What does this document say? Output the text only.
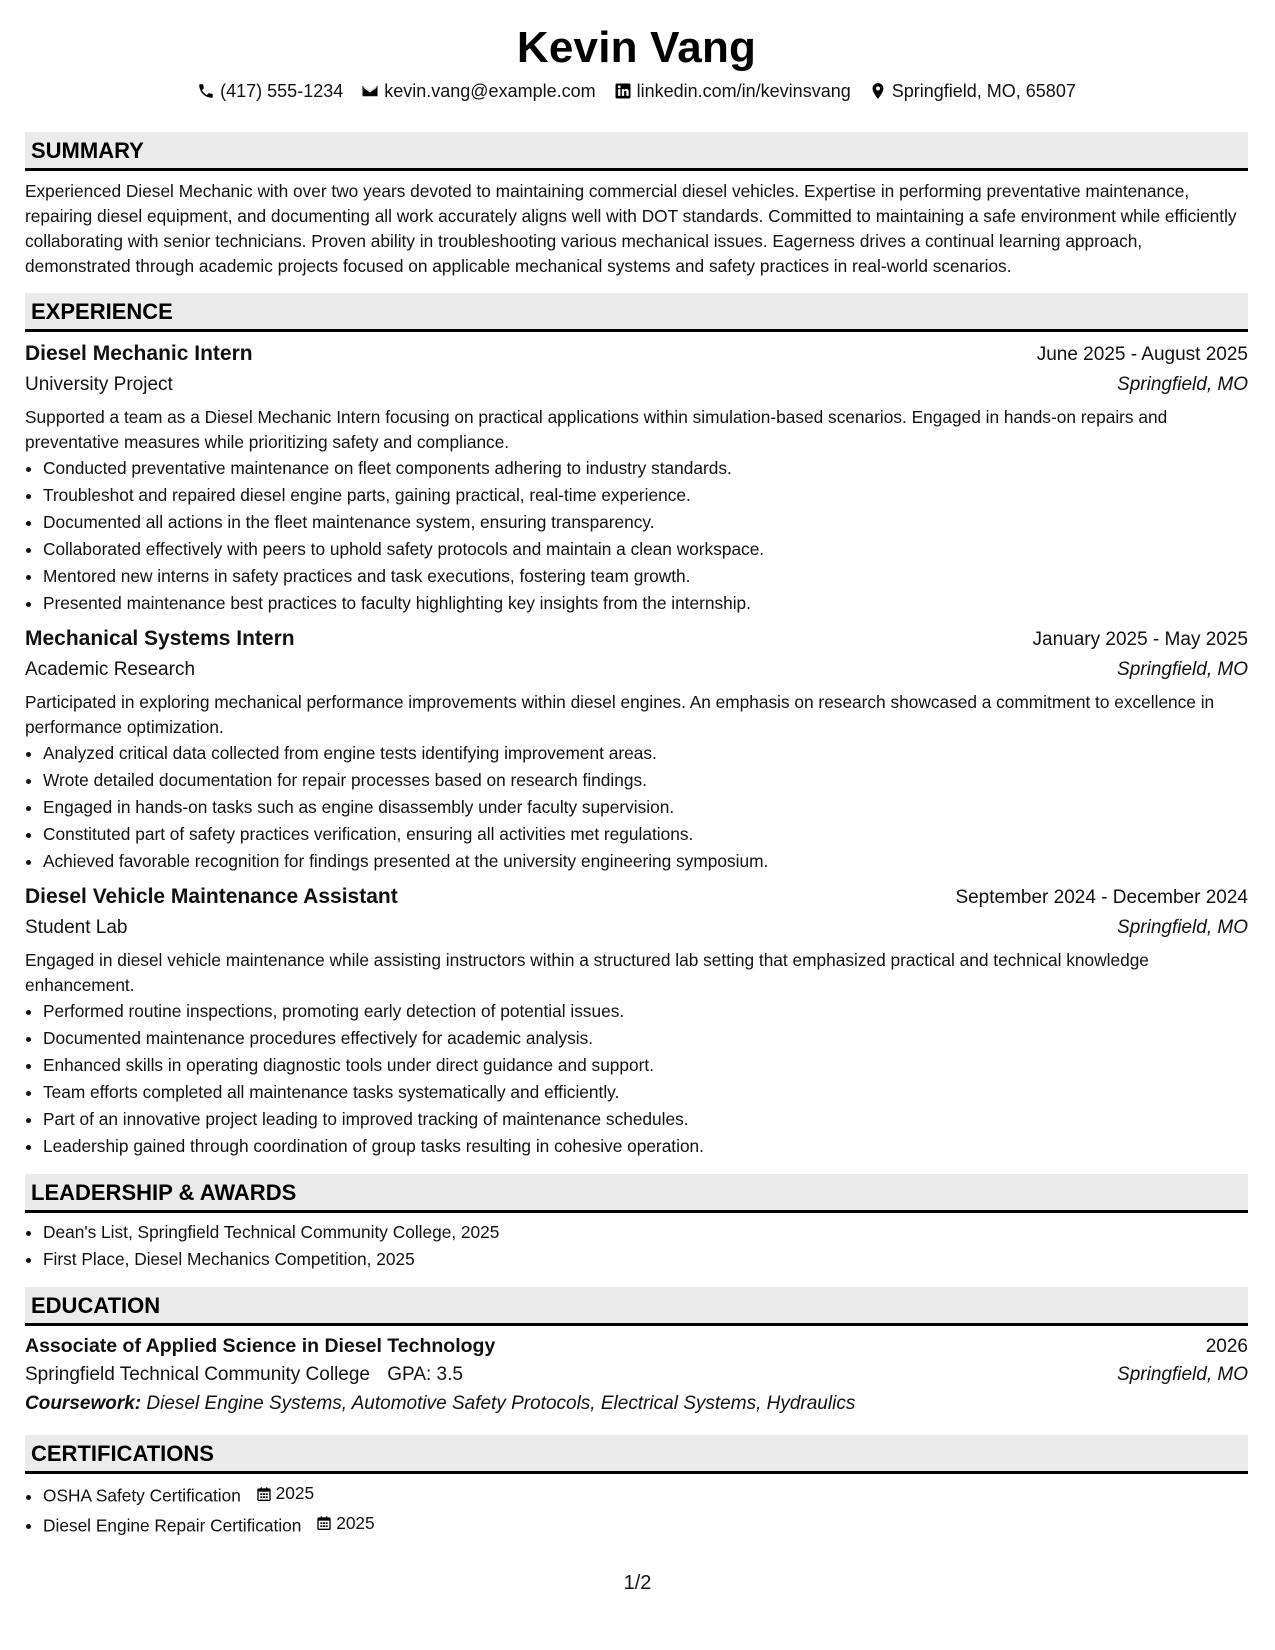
Kevin Vang
(417) 555-1234 kevin.vang@example.com linkedin.com/in/kevinsvang Springfield, MO, 65807
SUMMARY
Experienced Diesel Mechanic with over two years devoted to maintaining commercial diesel vehicles. Expertise in performing preventative maintenance, repairing diesel equipment, and documenting all work accurately aligns well with DOT standards. Committed to maintaining a safe environment while efficiently collaborating with senior technicians. Proven ability in troubleshooting various mechanical issues. Eagerness drives a continual learning approach, demonstrated through academic projects focused on applicable mechanical systems and safety practices in real-world scenarios.
EXPERIENCE
Diesel Mechanic Intern	June 2025 - August 2025
University Project	Springfield, MO
Supported a team as a Diesel Mechanic Intern focusing on practical applications within simulation-based scenarios. Engaged in hands-on repairs and preventative measures while prioritizing safety and compliance.
• Conducted preventative maintenance on fleet components adhering to industry standards.
• Troubleshot and repaired diesel engine parts, gaining practical, real-time experience.
• Documented all actions in the fleet maintenance system, ensuring transparency.
• Collaborated effectively with peers to uphold safety protocols and maintain a clean workspace.
• Mentored new interns in safety practices and task executions, fostering team growth.
• Presented maintenance best practices to faculty highlighting key insights from the internship.
Mechanical Systems Intern	January 2025 - May 2025
Academic Research	Springfield, MO
Participated in exploring mechanical performance improvements within diesel engines. An emphasis on research showcased a commitment to excellence in performance optimization.
• Analyzed critical data collected from engine tests identifying improvement areas.
• Wrote detailed documentation for repair processes based on research findings.
• Engaged in hands-on tasks such as engine disassembly under faculty supervision.
• Constituted part of safety practices verification, ensuring all activities met regulations.
• Achieved favorable recognition for findings presented at the university engineering symposium.
Diesel Vehicle Maintenance Assistant	September 2024 - December 2024
Student Lab	Springfield, MO
Engaged in diesel vehicle maintenance while assisting instructors within a structured lab setting that emphasized practical and technical knowledge enhancement.
• Performed routine inspections, promoting early detection of potential issues.
• Documented maintenance procedures effectively for academic analysis.
• Enhanced skills in operating diagnostic tools under direct guidance and support.
• Team efforts completed all maintenance tasks systematically and efficiently.
• Part of an innovative project leading to improved tracking of maintenance schedules.
• Leadership gained through coordination of group tasks resulting in cohesive operation.
LEADERSHIP & AWARDS
• Dean's List, Springfield Technical Community College, 2025
• First Place, Diesel Mechanics Competition, 2025
EDUCATION
Associate of Applied Science in Diesel Technology	2026
Springfield Technical Community College GPA: 3.5	Springfield, MO
Coursework: Diesel Engine Systems, Automotive Safety Protocols, Electrical Systems, Hydraulics
CERTIFICATIONS
• OSHA Safety Certification 2025
• Diesel Engine Repair Certification 2025
1/2
